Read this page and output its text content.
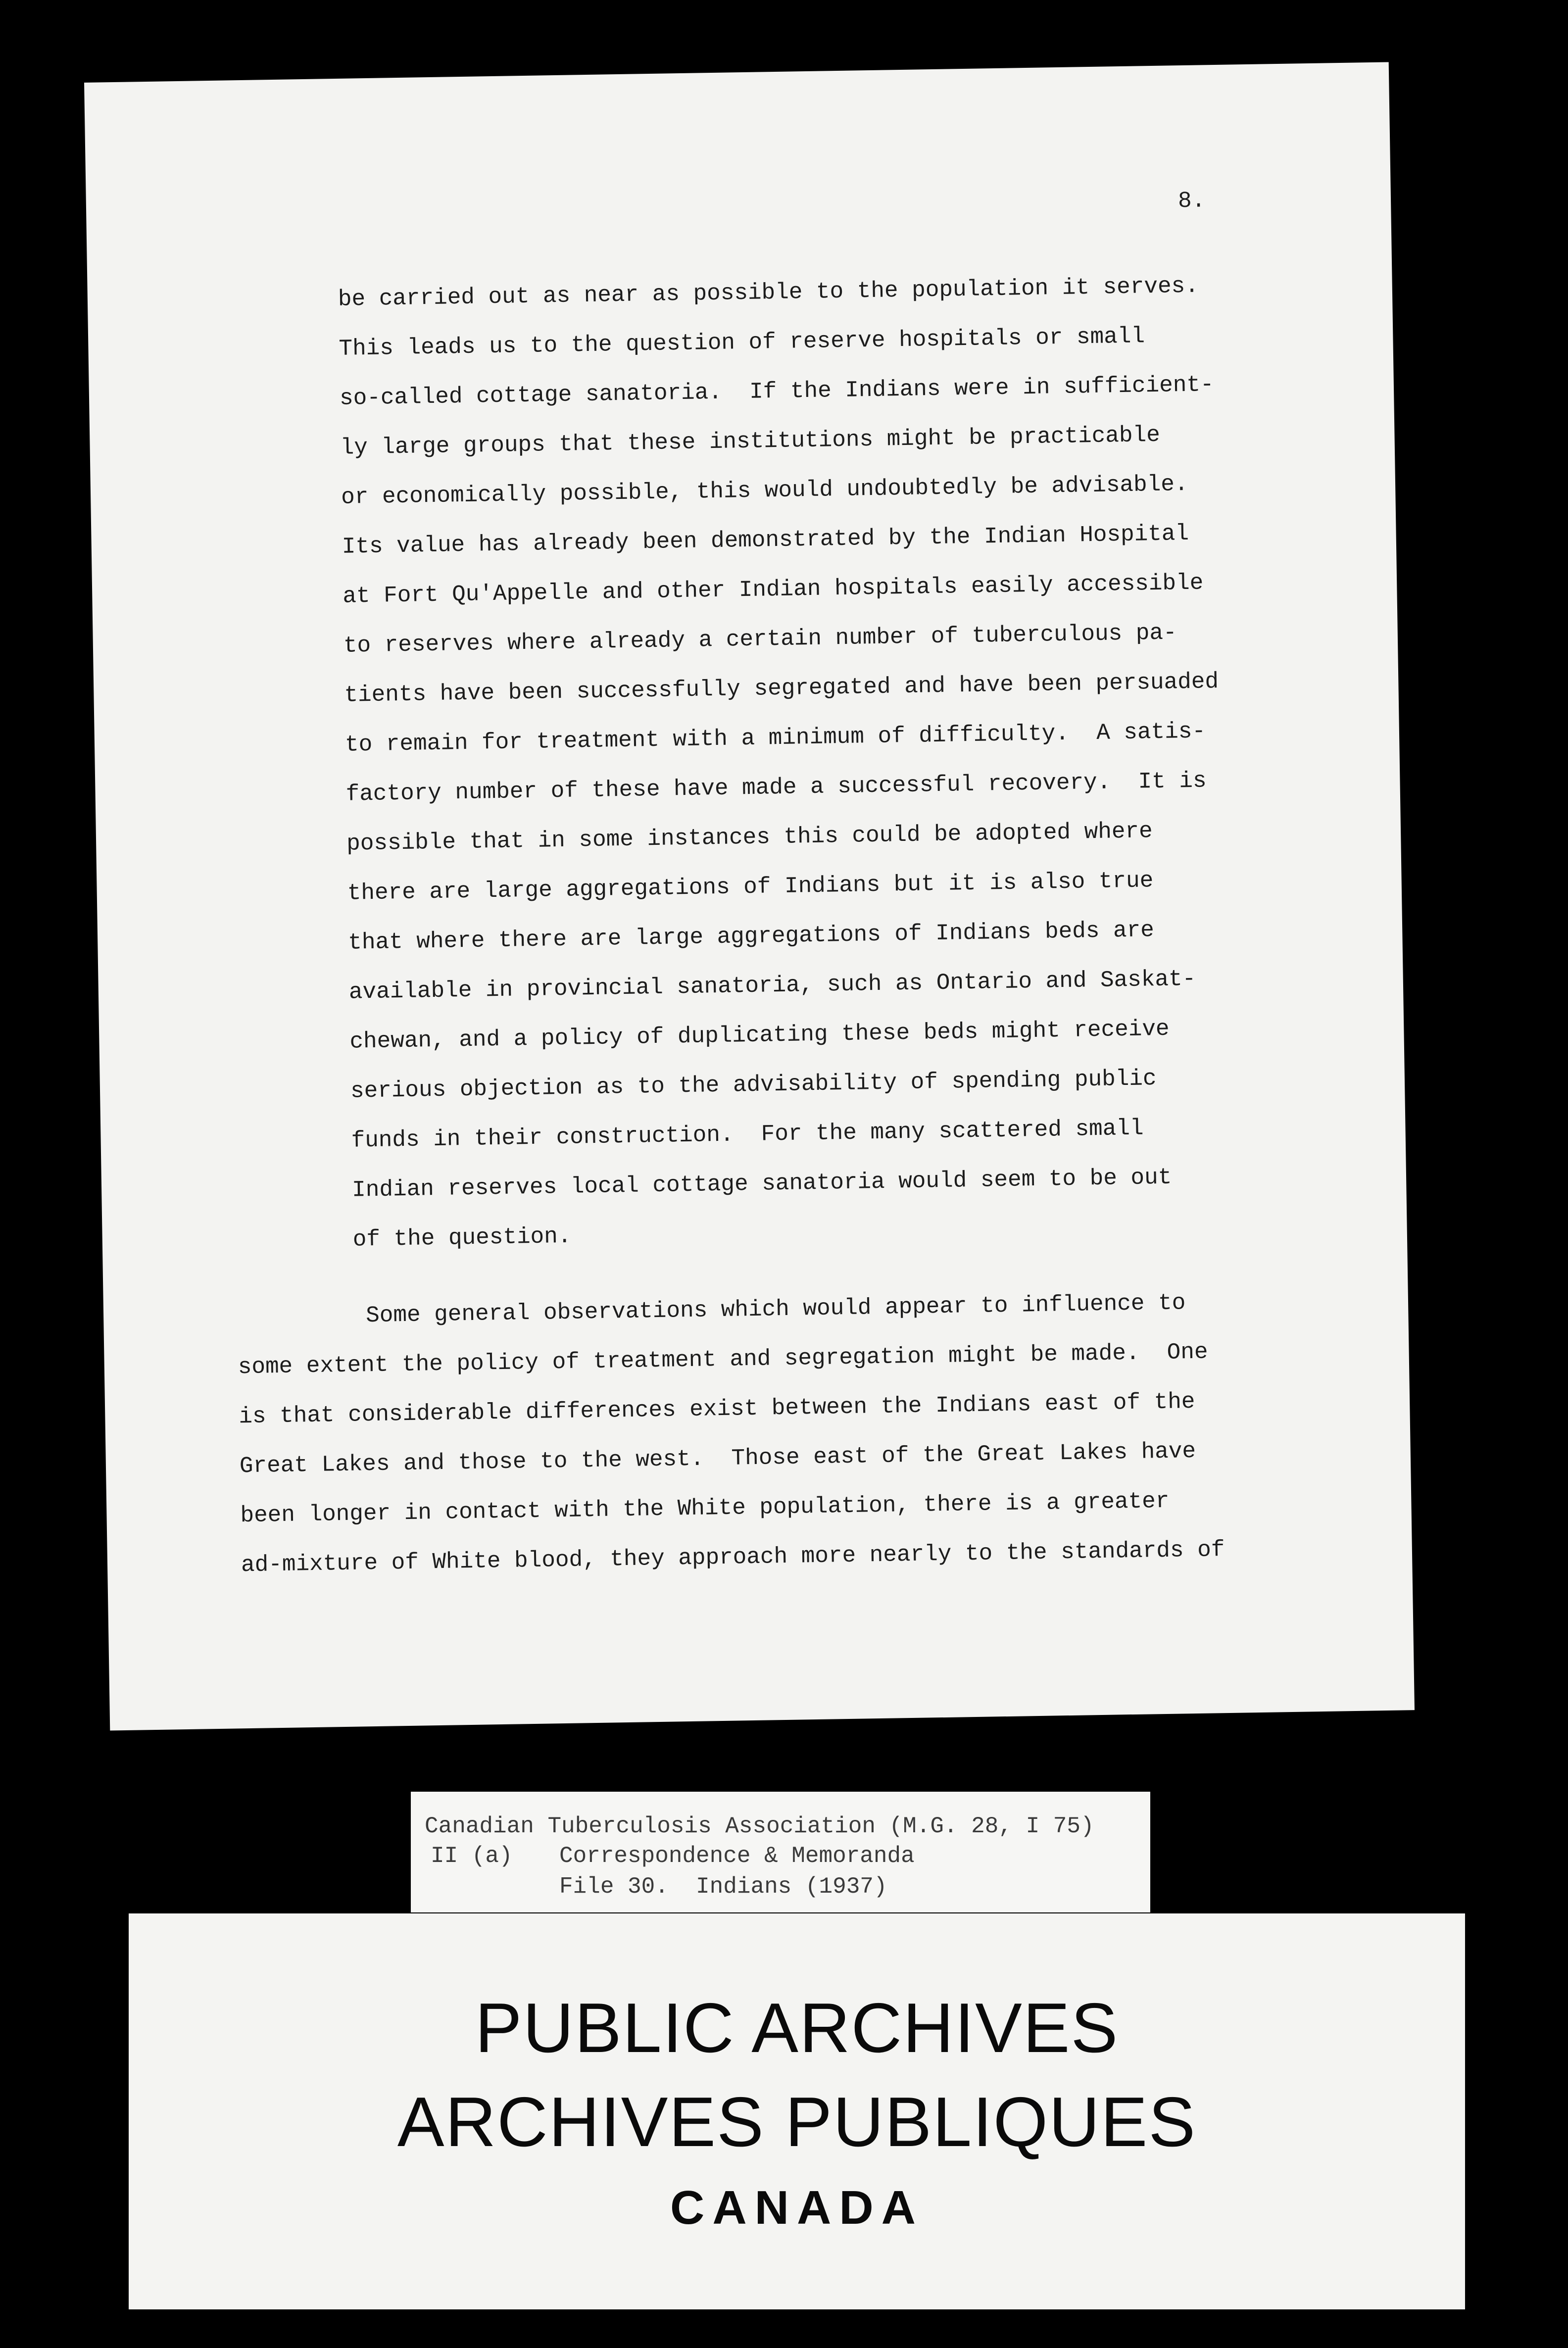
8.
be carried out as near as possible to the population it serves.
This leads us to the question of reserve hospitals or small
so-called cottage sanatoria.  If the Indians were in sufficient-
ly large groups that these institutions might be practicable
or economically possible, this would undoubtedly be advisable.
Its value has already been demonstrated by the Indian Hospital
at Fort Qu'Appelle and other Indian hospitals easily accessible
to reserves where already a certain number of tuberculous pa-
tients have been successfully segregated and have been persuaded
to remain for treatment with a minimum of difficulty.  A satis-
factory number of these have made a successful recovery.  It is
possible that in some instances this could be adopted where
there are large aggregations of Indians but it is also true
that where there are large aggregations of Indians beds are
available in provincial sanatoria, such as Ontario and Saskat-
chewan, and a policy of duplicating these beds might receive
serious objection as to the advisability of spending public
funds in their construction.  For the many scattered small
Indian reserves local cottage sanatoria would seem to be out
of the question.
Some general observations which would appear to influence to
some extent the policy of treatment and segregation might be made.  One
is that considerable differences exist between the Indians east of the
Great Lakes and those to the west.  Those east of the Great Lakes have
been longer in contact with the White population, there is a greater
ad-mixture of White blood, they approach more nearly to the standards of
Canadian Tuberculosis Association (M.G. 28, I 75)
II (a) Correspondence & Memoranda
File 30.  Indians (1937)
PUBLIC ARCHIVES
ARCHIVES PUBLIQUES
CANADA
